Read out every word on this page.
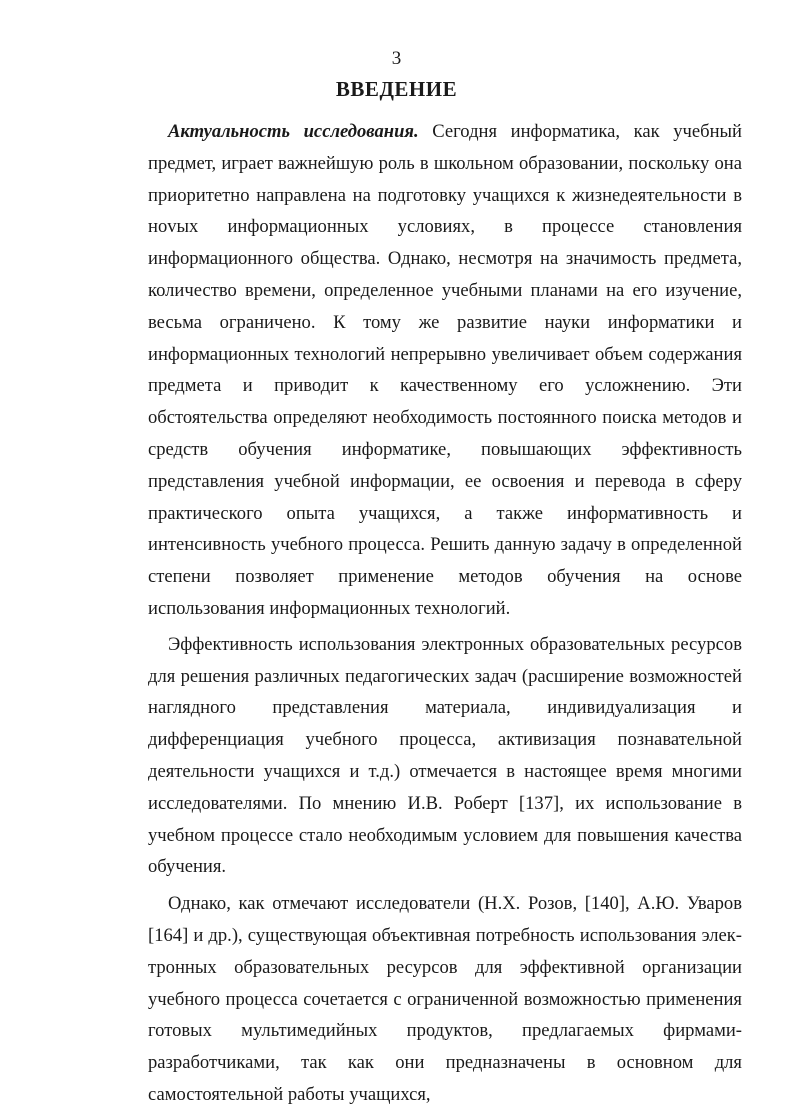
3
ВВЕДЕНИЕ

Актуальность исследования. Сегодня информатика, как учебный предмет, играет важнейшую роль в школьном образовании, поскольку она приоритетно направлена на подготовку учащихся к жизнедеятельности в ноvых информационных условиях, в процессе становления информационного общества. Однако, несмотря на значимость предмета, количество времени, определенное учебными планами на его изучение, весьма ограничено. К тому же развитие науки информатики и информационных технологий непрерывно увеличивает объем содержания предмета и приводит к качественному его усложнению. Эти обстоятельства определяют необходимость постоянного поиска методов и средств обучения информатике, повышающих эффективность представления учебной информации, ее освоения и перевода в сферу практического опыта учащихся, а также информативность и интенсивность учебного процесса. Решить данную задачу в определенной степени позволяет применение методов обучения на основе использования информационных технологий.

Эффективность использования электронных образовательных ресурсов для решения различных педагогических задач (расширение возможностей наглядного представления материала, индивидуализация и дифференциация учебного процесса, активизация познавательной деятельности учащихся и т.д.) отмечается в настоящее время многими исследователями. По мнению И.В. Роберт [137], их использование в учебном процессе стало необходимым условием для повышения качества обучения.

Однако, как отмечают исследователи (Н.Х. Розов, [140], А.Ю. Уваров [164] и др.), существующая объективная потребность использования электронных образовательных ресурсов для эффективной организации учебного процесса сочетается с ограниченной возможностью применения готовых мультимедийных продуктов, предлагаемых фирмами-разработчиками, так как они предназначены в основном для самостоятельной работы учащихся,
